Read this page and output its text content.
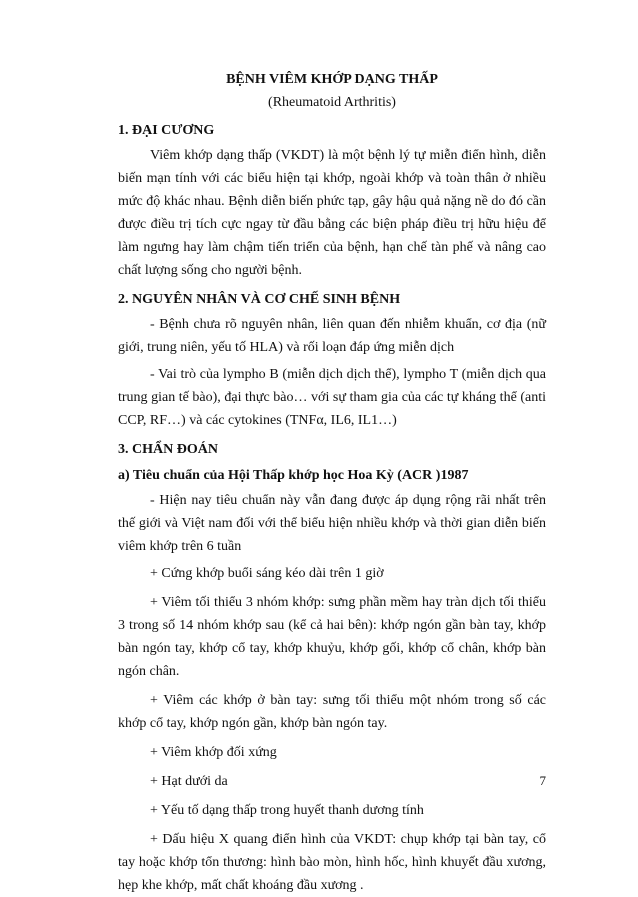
BỆNH VIÊM KHỚP DẠNG THẤP

(Rheumatoid Arthritis)

1. ĐẠI CƯƠNG

Viêm khớp dạng thấp (VKDT) là một bệnh lý tự miễn điển hình, diễn biến mạn tính với các biểu hiện tại khớp, ngoài khớp và toàn thân ở nhiều mức độ khác nhau. Bệnh diễn biến phức tạp, gây hậu quả nặng nề do đó cần được điều trị tích cực ngay từ đầu bằng các biện pháp điều trị hữu hiệu để làm ngưng hay làm chậm tiến triển của bệnh, hạn chế tàn phế và nâng cao chất lượng sống cho người bệnh.

2. NGUYÊN NHÂN VÀ CƠ CHẾ SINH BỆNH

- Bệnh chưa rõ nguyên nhân, liên quan đến nhiễm khuẩn, cơ địa (nữ giới, trung niên, yếu tố HLA) và rối loạn đáp ứng miễn dịch

- Vai trò của lympho B (miễn dịch dịch thể), lympho T (miễn dịch qua trung gian tế bào), đại thực bào… với sự tham gia của các tự kháng thể (anti CCP, RF…) và các cytokines (TNFα, IL6, IL1…)

3. CHẨN ĐOÁN
a) Tiêu chuẩn của Hội Thấp khớp học Hoa Kỳ (ACR )1987

- Hiện nay tiêu chuẩn này vẫn đang được áp dụng rộng rãi nhất trên thế giới và Việt nam đối với thể biểu hiện nhiều khớp và thời gian diễn biến viêm khớp trên 6 tuần

+ Cứng khớp buổi sáng kéo dài trên 1 giờ

+ Viêm tối thiểu 3 nhóm khớp: sưng phần mềm hay tràn dịch tối thiểu 3 trong số 14 nhóm khớp sau (kể cả hai bên): khớp ngón gần bàn tay, khớp bàn ngón tay, khớp cổ tay, khớp khuỷu, khớp gối, khớp cổ chân, khớp bàn ngón chân.

+ Viêm các khớp ở bàn tay: sưng tối thiểu một nhóm trong số các khớp cổ tay, khớp ngón gần, khớp bàn ngón tay.

+ Viêm khớp đối xứng

+ Hạt dưới da

+ Yếu tố dạng thấp trong huyết thanh dương tính

+ Dấu hiệu X quang điển hình của VKDT: chụp khớp tại bàn tay, cổ tay hoặc khớp tổn thương: hình bào mòn, hình hốc, hình khuyết đầu xương, hẹp khe khớp, mất chất khoáng đầu xương .

7
